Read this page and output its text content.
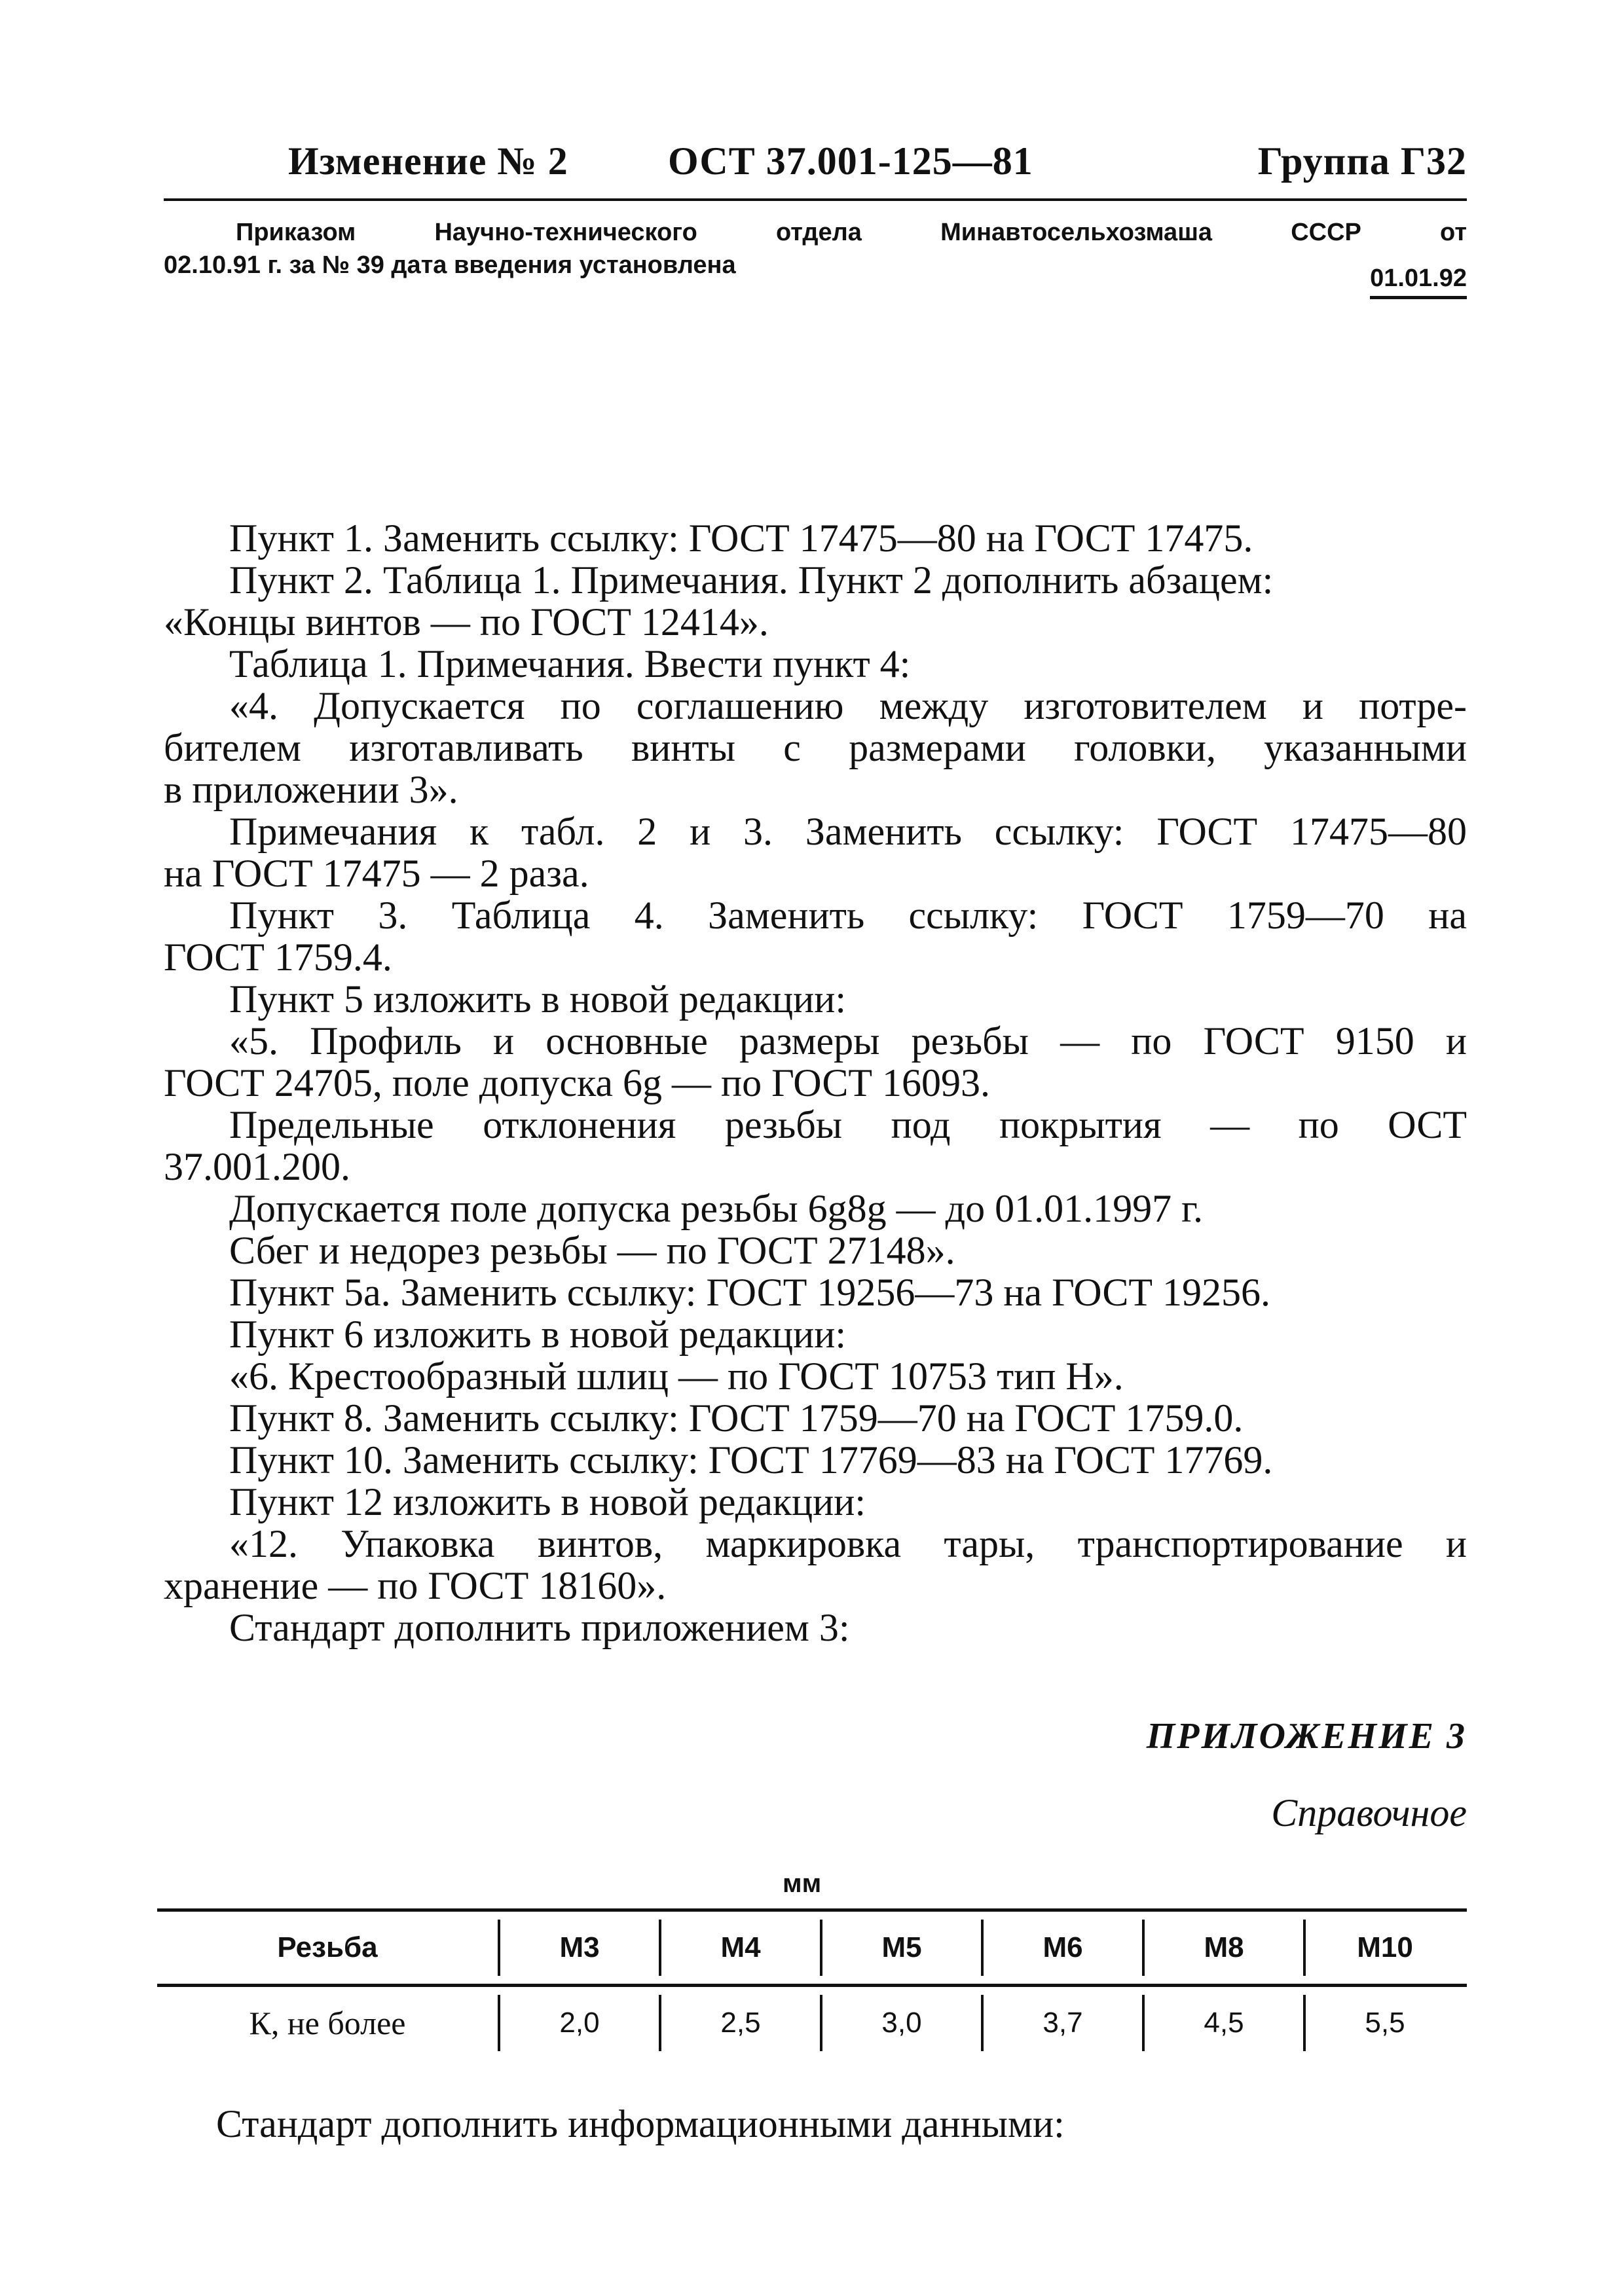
Изменение № 2	ОСТ 37.001-125—81	Группа Г32
Приказом	Научно-технического	отдела	Минавтосельхозмаша	СССР	от
02.10.91 г. за № 39 дата введения установлена	01.01.92
Пункт 1. Заменить ссылку: ГОСТ 17475—80 на ГОСТ 17475.
Пункт 2. Таблица 1. Примечания. Пункт 2 дополнить абзацем:
«Концы винтов — по ГОСТ 12414».
Таблица 1. Примечания. Ввести пункт 4:
«4. Допускается по соглашению между изготовителем и потре-
бителем изготавливать винты с размерами головки, указанными
в приложении 3».
Примечания к табл. 2 и 3. Заменить ссылку: ГОСТ 17475—80
на ГОСТ 17475 — 2 раза.
Пункт 3. Таблица 4. Заменить ссылку: ГОСТ 1759—70 на
ГОСТ 1759.4.
Пункт 5 изложить в новой редакции:
«5. Профиль и основные размеры резьбы — по ГОСТ 9150 и
ГОСТ 24705, поле допуска 6g — по ГОСТ 16093.
Предельные отклонения резьбы под покрытия — по ОСТ
37.001.200.
Допускается поле допуска резьбы 6g8g — до 01.01.1997 г.
Сбег и недорез резьбы — по ГОСТ 27148».
Пункт 5а. Заменить ссылку: ГОСТ 19256—73 на ГОСТ 19256.
Пункт 6 изложить в новой редакции:
«6. Крестообразный шлиц — по ГОСТ 10753 тип Н».
Пункт 8. Заменить ссылку: ГОСТ 1759—70 на ГОСТ 1759.0.
Пункт 10. Заменить ссылку: ГОСТ 17769—83 на ГОСТ 17769.
Пункт 12 изложить в новой редакции:
«12. Упаковка винтов, маркировка тары, транспортирование и
хранение — по ГОСТ 18160».
Стандарт дополнить приложением 3:
ПРИЛОЖЕНИЕ 3
Справочное
мм
Резьба	М3	М4	М5	М6	М8	М10
К, не более	2,0	2,5	3,0	3,7	4,5	5,5
Стандарт дополнить информационными данными:
